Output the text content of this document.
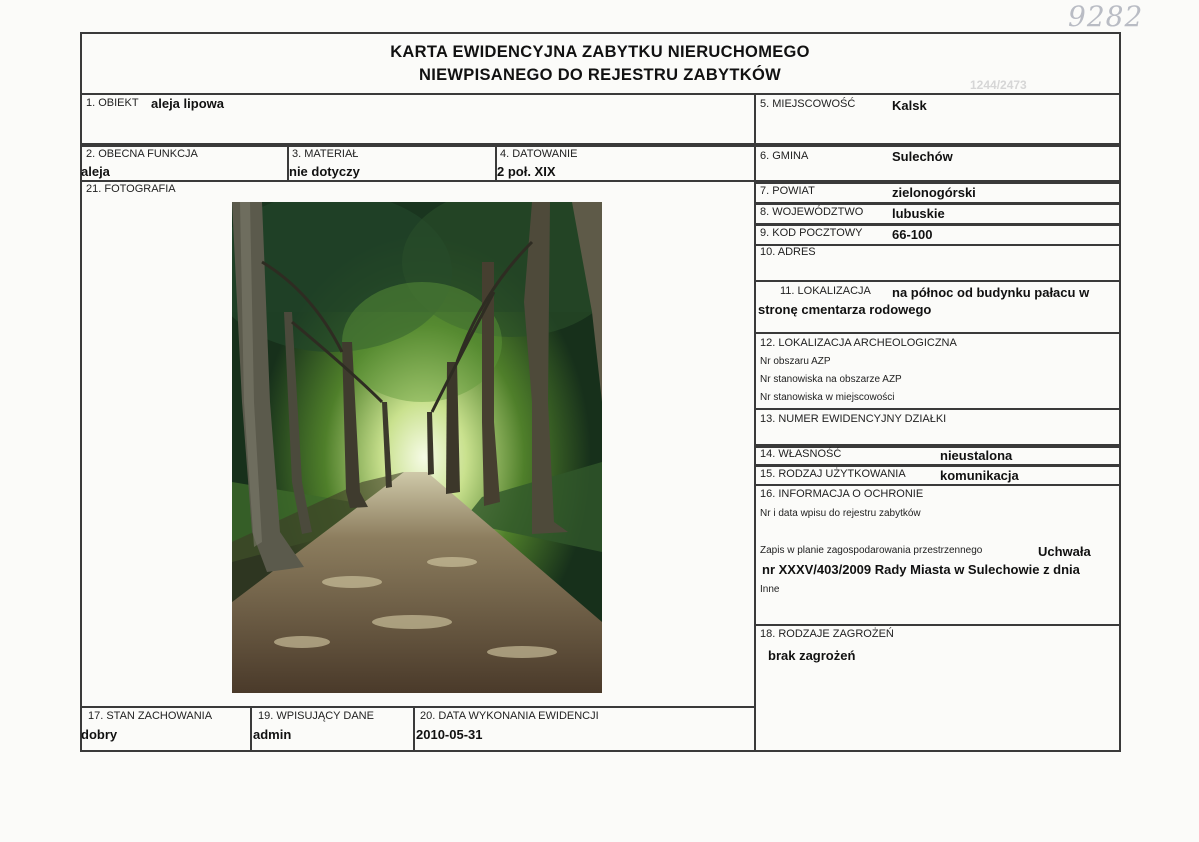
9282
1244/2473
KARTA EWIDENCYJNA ZABYTKU NIERUCHOMEGO
NIEWPISANEGO DO REJESTRU ZABYTKÓW
1. OBIEKT aleja lipowa
2. OBECNA FUNKCJA
aleja
3. MATERIAŁ
nie dotyczy
4. DATOWANIE
2 poł. XIX
21. FOTOGRAFIA
17. STAN ZACHOWANIA
dobry
19. WPISUJĄCY DANE
admin
20. DATA WYKONANIA EWIDENCJI
2010-05-31
5. MIEJSCOWOŚĆ	Kalsk
6. GMINA	Sulechów
7. POWIAT	zielonogórski
8. WOJEWÓDZTWO lubuskie
9. KOD POCZTOWY 66-100
10. ADRES
11. LOKALIZACJA na północ od budynku pałacu w
stronę cmentarza rodowego
12. LOKALIZACJA ARCHEOLOGICZNA
Nr obszaru AZP
Nr stanowiska na obszarze AZP
Nr stanowiska w miejscowości
13. NUMER EWIDENCYJNY DZIAŁKI
14. WŁASNOŚĆ	nieustalona
15. RODZAJ UŻYTKOWANIA	komunikacja
16. INFORMACJA O OCHRONIE
Nr i data wpisu do rejestru zabytków
Zapis w planie zagospodarowania przestrzennego	Uchwała
nr XXXV/403/2009 Rady Miasta w Sulechowie z dnia
Inne
18. RODZAJE ZAGROŻEŃ
brak zagrożeń
